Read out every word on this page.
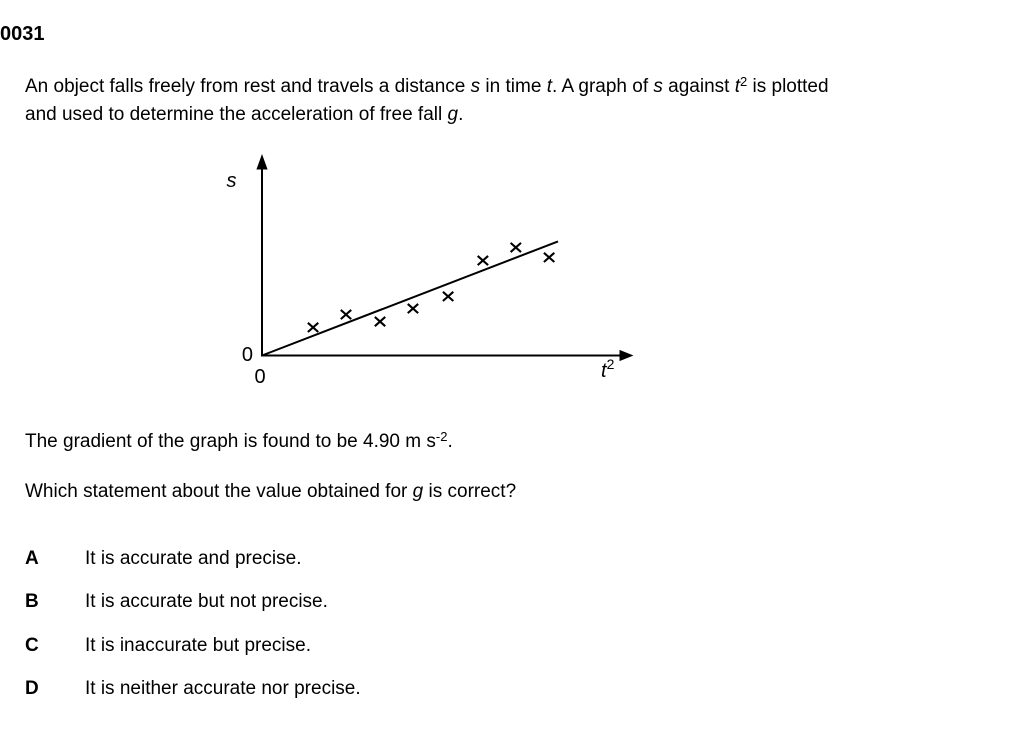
0031
An object falls freely from rest and travels a distance s in time t. A graph of s against $t^2$ is plotted
and used to determine the acceleration of free fall g.
s
0
0	$t^2$
The gradient of the graph is found to be 4.90 m $s^{-2}$.
Which statement about the value obtained for g is correct?
A It is accurate and precise.
B It is accurate but not precise.
C It is inaccurate but precise.
D It is neither accurate nor precise.
